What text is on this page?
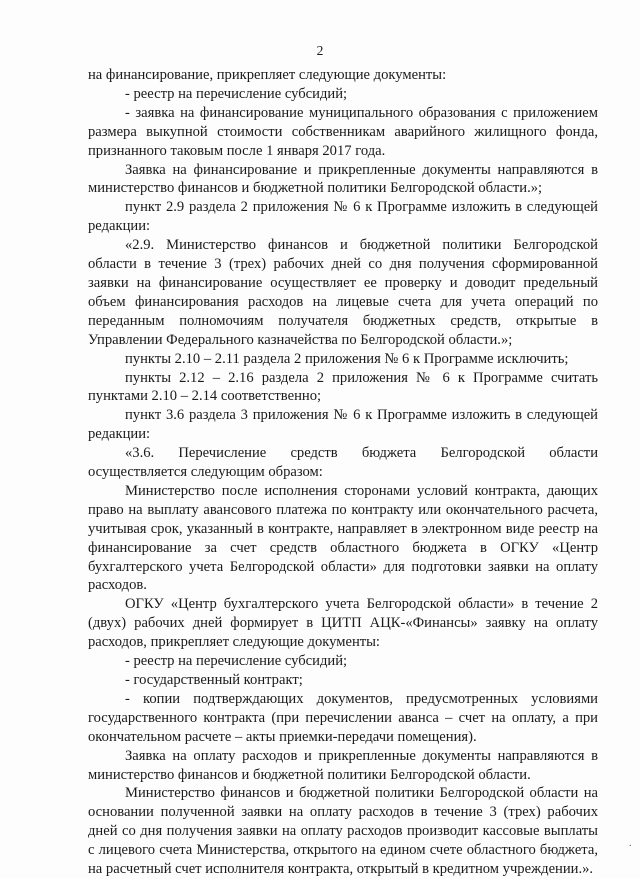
2

на финансирование, прикрепляет следующие документы:

- реестр на перечисление субсидий;

- заявка на финансирование муниципального образования с приложением размера выкупной стоимости собственникам аварийного жилищного фонда, признанного таковым после 1 января 2017 года.

Заявка на финансирование и прикрепленные документы направляются в министерство финансов и бюджетной политики Белгородской области.»;

пункт 2.9 раздела 2 приложения № 6 к Программе изложить в следующей редакции:

«2.9. Министерство финансов и бюджетной политики Белгородской области в течение 3 (трех) рабочих дней со дня получения сформированной заявки на финансирование осуществляет ее проверку и доводит предельный объем финансирования расходов на лицевые счета для учета операций по переданным полномочиям получателя бюджетных средств, открытые в Управлении Федерального казначейства по Белгородской области.»;

пункты 2.10 – 2.11 раздела 2 приложения № 6 к Программе исключить;

пункты 2.12 – 2.16 раздела 2 приложения № 6 к Программе считать пунктами 2.10 – 2.14 соответственно;

пункт 3.6 раздела 3 приложения № 6 к Программе изложить в следующей редакции:

«3.6. Перечисление средств бюджета Белгородской области осуществляется следующим образом:

Министерство после исполнения сторонами условий контракта, дающих право на выплату авансового платежа по контракту или окончательного расчета, учитывая срок, указанный в контракте, направляет в электронном виде реестр на финансирование за счет средств областного бюджета в ОГКУ «Центр бухгалтерского учета Белгородской области» для подготовки заявки на оплату расходов.

ОГКУ «Центр бухгалтерского учета Белгородской области» в течение 2 (двух) рабочих дней формирует в ЦИТП АЦК-«Финансы» заявку на оплату расходов, прикрепляет следующие документы:

- реестр на перечисление субсидий;

- государственный контракт;

- копии подтверждающих документов, предусмотренных условиями государственного контракта (при перечислении аванса – счет на оплату, а при окончательном расчете – акты приемки-передачи помещения).

Заявка на оплату расходов и прикрепленные документы направляются в министерство финансов и бюджетной политики Белгородской области.

Министерство финансов и бюджетной политики Белгородской области на основании полученной заявки на оплату расходов в течение 3 (трех) рабочих дней со дня получения заявки на оплату расходов производит кассовые выплаты с лицевого счета Министерства, открытого на едином счете областного бюджета, на расчетный счет исполнителя контракта, открытый в кредитном учреждении.».

·
